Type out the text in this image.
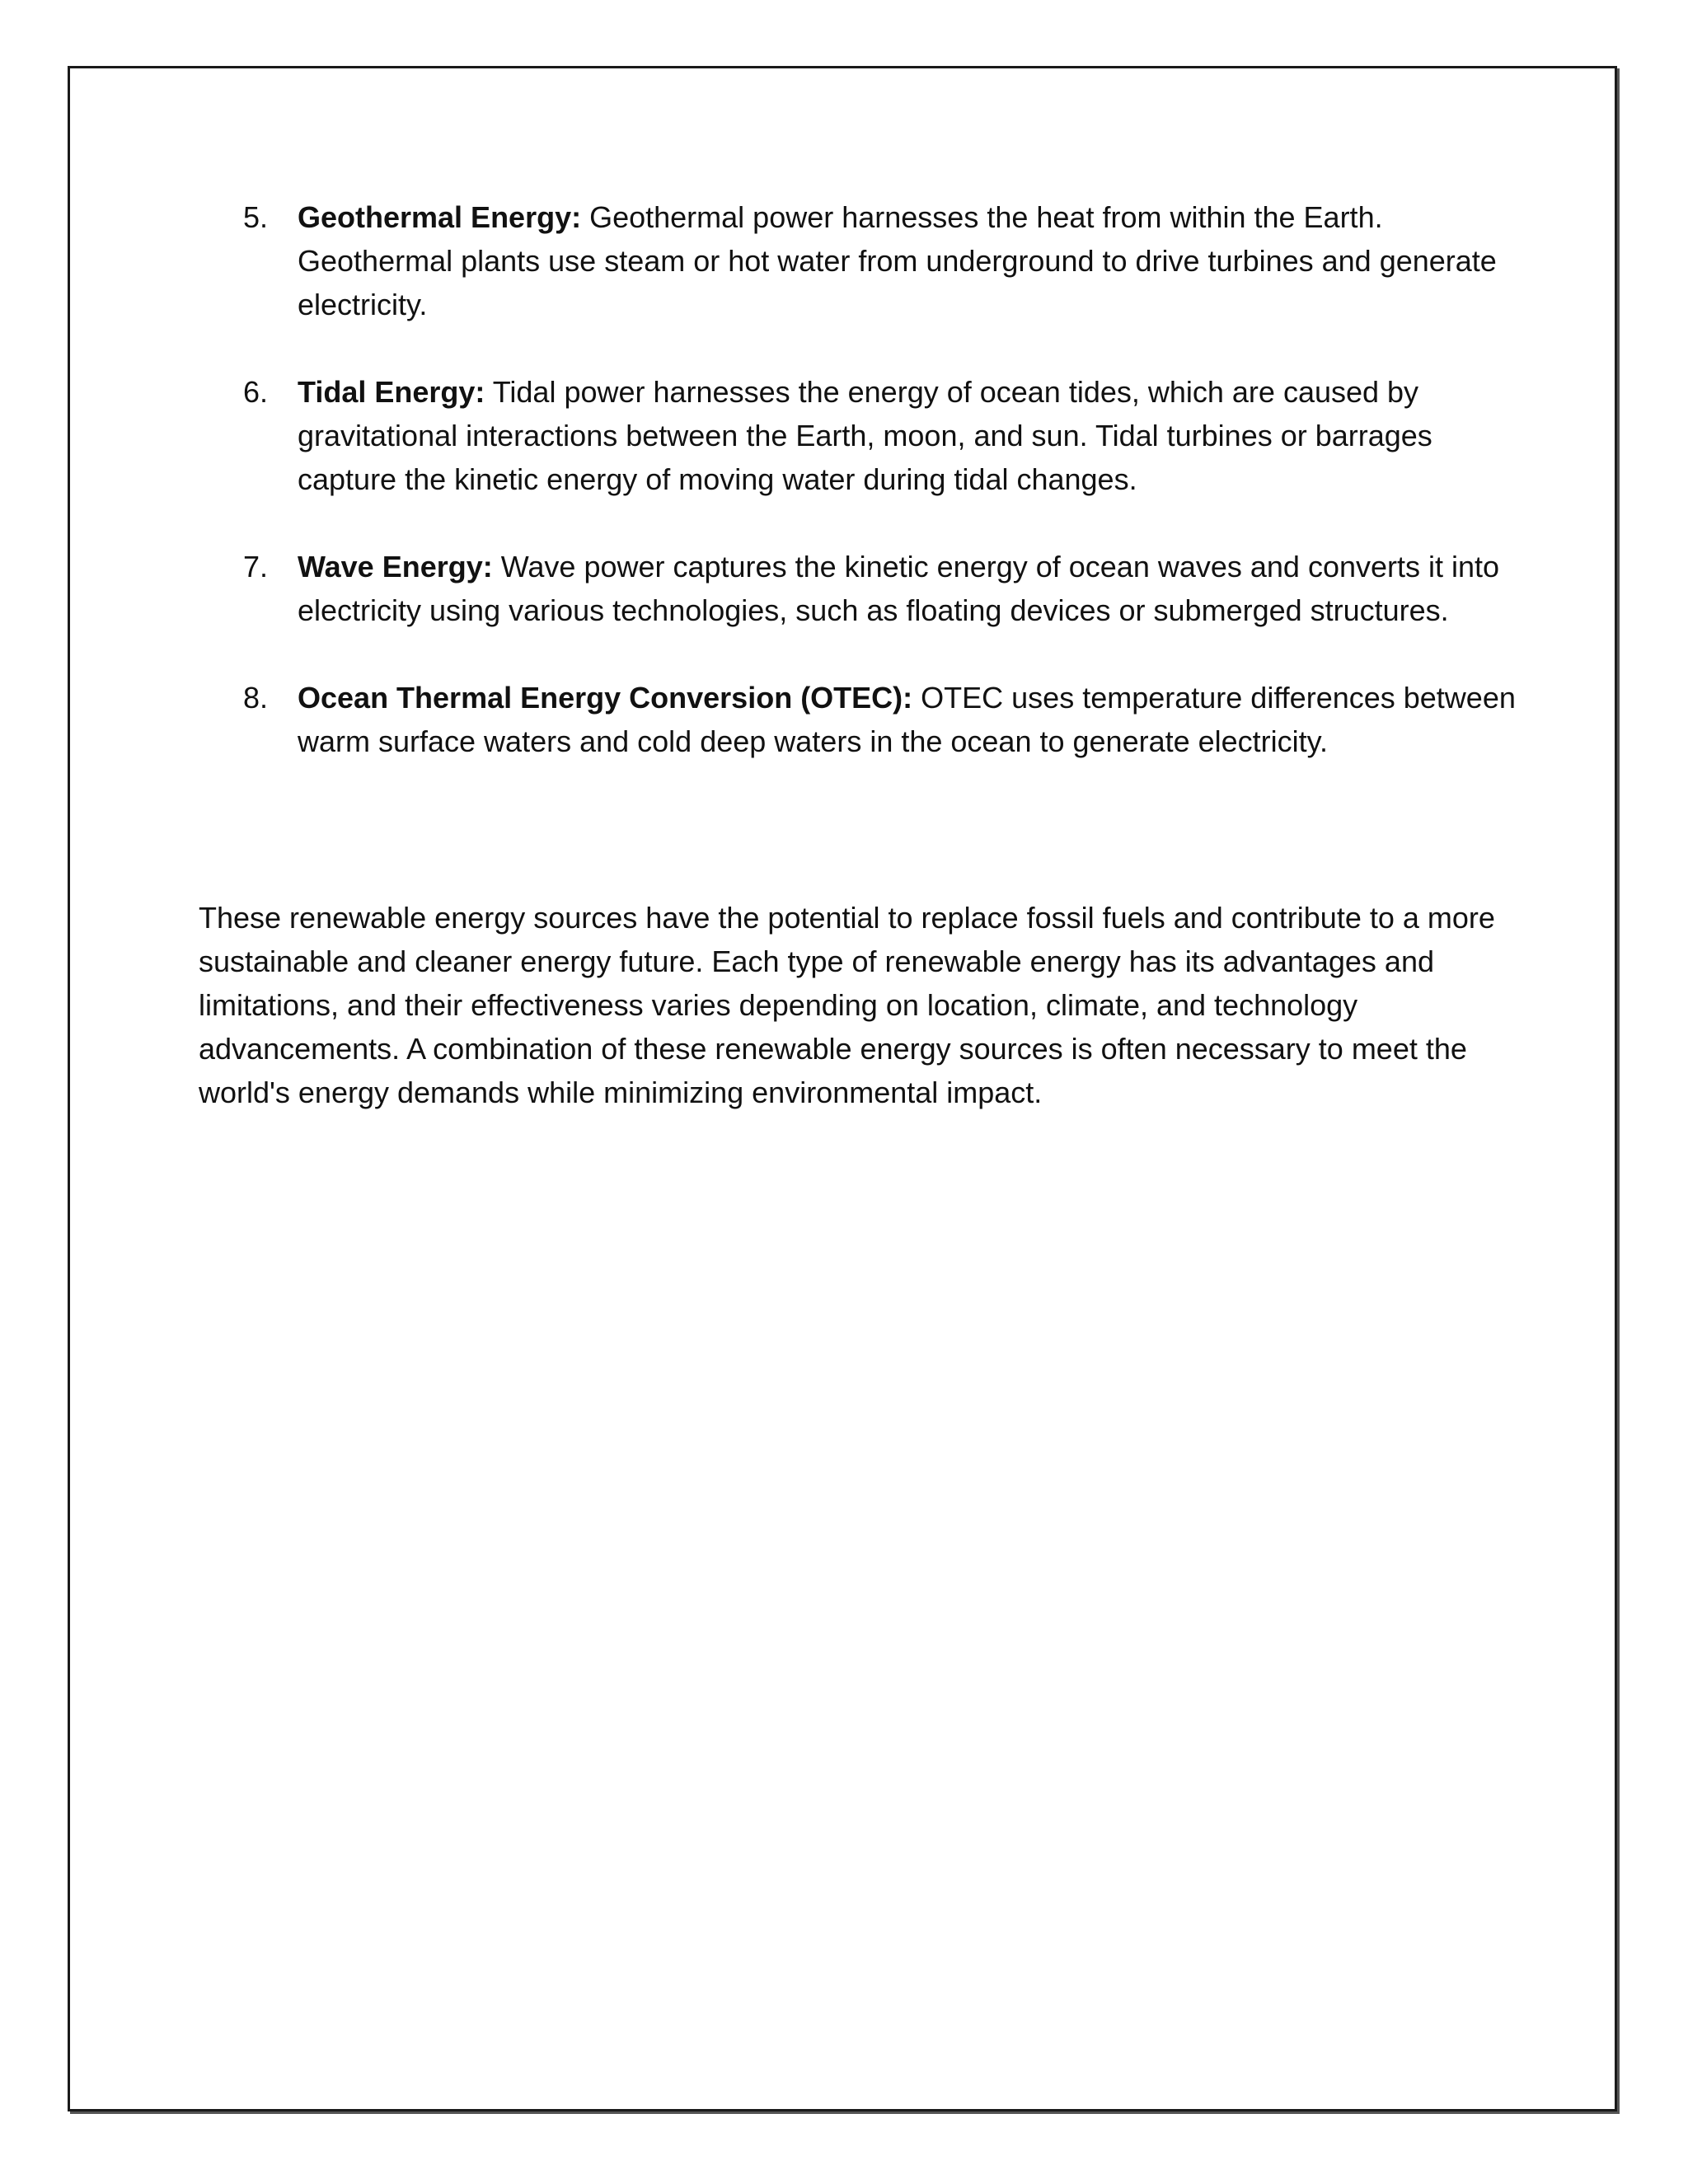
5. Geothermal Energy: Geothermal power harnesses the heat from within the Earth. Geothermal plants use steam or hot water from underground to drive turbines and generate electricity.
6. Tidal Energy: Tidal power harnesses the energy of ocean tides, which are caused by gravitational interactions between the Earth, moon, and sun. Tidal turbines or barrages capture the kinetic energy of moving water during tidal changes.
7. Wave Energy: Wave power captures the kinetic energy of ocean waves and converts it into electricity using various technologies, such as floating devices or submerged structures.
8. Ocean Thermal Energy Conversion (OTEC): OTEC uses temperature differences between warm surface waters and cold deep waters in the ocean to generate electricity.

These renewable energy sources have the potential to replace fossil fuels and contribute to a more sustainable and cleaner energy future. Each type of renewable energy has its advantages and limitations, and their effectiveness varies depending on location, climate, and technology advancements. A combination of these renewable energy sources is often necessary to meet the world's energy demands while minimizing environmental impact.
